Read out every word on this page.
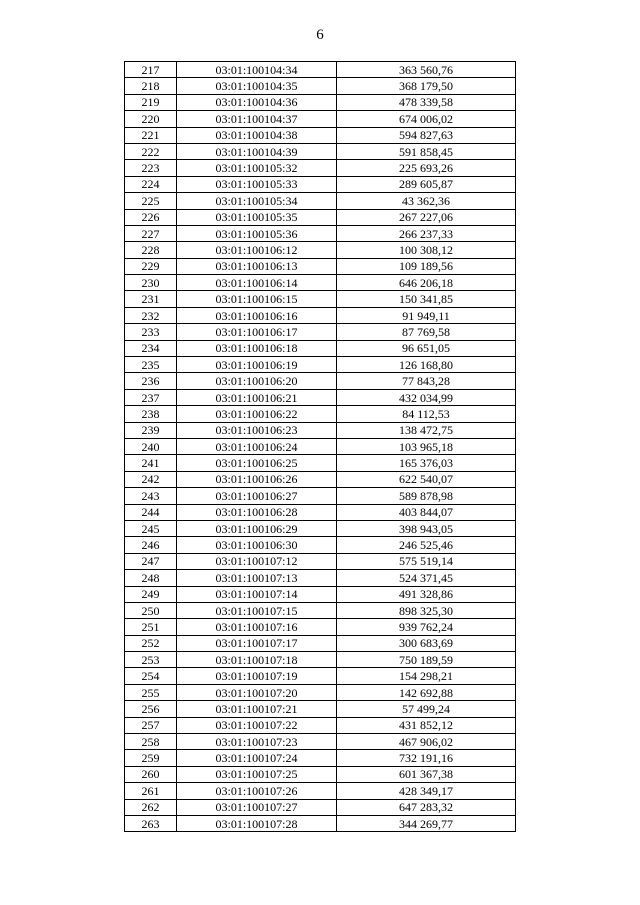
6
217	03:01:100104:34	363 560,76
218	03:01:100104:35	368 179,50
219	03:01:100104:36	478 339,58
220	03:01:100104:37	674 006,02
221	03:01:100104:38	594 827,63
222	03:01:100104:39	591 858,45
223	03:01:100105:32	225 693,26
224	03:01:100105:33	289 605,87
225	03:01:100105:34	43 362,36
226	03:01:100105:35	267 227,06
227	03:01:100105:36	266 237,33
228	03:01:100106:12	100 308,12
229	03:01:100106:13	109 189,56
230	03:01:100106:14	646 206,18
231	03:01:100106:15	150 341,85
232	03:01:100106:16	91 949,11
233	03:01:100106:17	87 769,58
234	03:01:100106:18	96 651,05
235	03:01:100106:19	126 168,80
236	03:01:100106:20	77 843,28
237	03:01:100106:21	432 034,99
238	03:01:100106:22	84 112,53
239	03:01:100106:23	138 472,75
240	03:01:100106:24	103 965,18
241	03:01:100106:25	165 376,03
242	03:01:100106:26	622 540,07
243	03:01:100106:27	589 878,98
244	03:01:100106:28	403 844,07
245	03:01:100106:29	398 943,05
246	03:01:100106:30	246 525,46
247	03:01:100107:12	575 519,14
248	03:01:100107:13	524 371,45
249	03:01:100107:14	491 328,86
250	03:01:100107:15	898 325,30
251	03:01:100107:16	939 762,24
252	03:01:100107:17	300 683,69
253	03:01:100107:18	750 189,59
254	03:01:100107:19	154 298,21
255	03:01:100107:20	142 692,88
256	03:01:100107:21	57 499,24
257	03:01:100107:22	431 852,12
258	03:01:100107:23	467 906,02
259	03:01:100107:24	732 191,16
260	03:01:100107:25	601 367,38
261	03:01:100107:26	428 349,17
262	03:01:100107:27	647 283,32
263	03:01:100107:28	344 269,77
